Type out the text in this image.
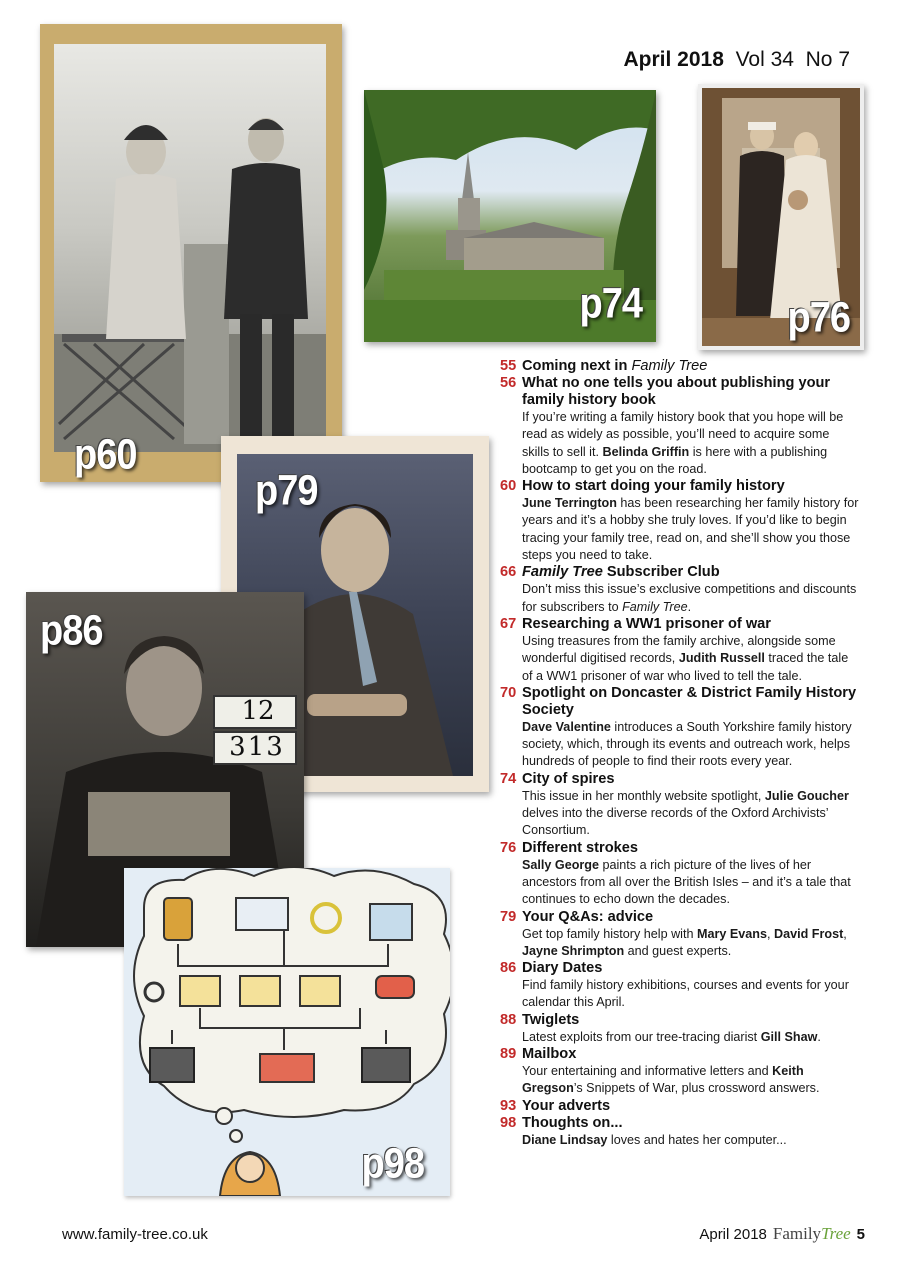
April 2018 Vol 34 No 7
p60
p74	p76
p79
12
313
p86
p98
55 Coming next in Family Tree
56 What no one tells you about publishing your family history book
If you’re writing a family history book that you hope will be read as widely as possible, you’ll need to acquire some skills to sell it. Belinda Griffin is here with a publishing bootcamp to get you on the road.
60 How to start doing your family history
June Terrington has been researching her family history for years and it’s a hobby she truly loves. If you’d like to begin tracing your family tree, read on, and she’ll show you those steps you need to take.
66 Family Tree Subscriber Club
Don’t miss this issue’s exclusive competitions and discounts for subscribers to Family Tree.
67 Researching a WW1 prisoner of war
Using treasures from the family archive, alongside some wonderful digitised records, Judith Russell traced the tale of a WW1 prisoner of war who lived to tell the tale.
70 Spotlight on Doncaster & District Family History Society
Dave Valentine introduces a South Yorkshire family history society, which, through its events and outreach work, helps hundreds of people to find their roots every year.
74 City of spires
This issue in her monthly website spotlight, Julie Goucher delves into the diverse records of the Oxford Archivists’ Consortium.
76 Different strokes
Sally George paints a rich picture of the lives of her ancestors from all over the British Isles – and it’s a tale that continues to echo down the decades.
79 Your Q&As: advice
Get top family history help with Mary Evans, David Frost, Jayne Shrimpton and guest experts.
86 Diary Dates
Find family history exhibitions, courses and events for your calendar this April.
88 Twiglets
Latest exploits from our tree-tracing diarist Gill Shaw.
89 Mailbox
Your entertaining and informative letters and Keith Gregson’s Snippets of War, plus crossword answers.
93 Your adverts
98 Thoughts on...
Diane Lindsay loves and hates her computer...
www.family-tree.co.uk	April 2018 FamilyTree 5
